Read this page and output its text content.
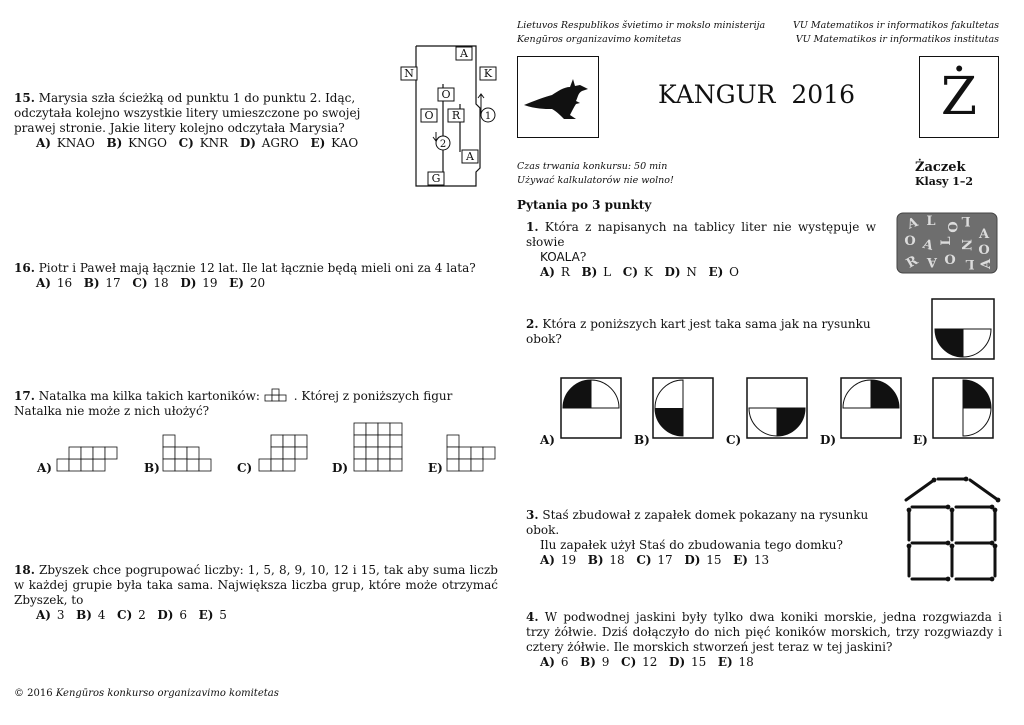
15. Marysia szła ścieżką od punktu 1 do punktu 2. Idąc, odczytała kolejno wszystkie litery umieszczone po swojej prawej stronie. Jakie litery kolejno odczytała Marysia?
A) KNAO B) KNGO C) KNR D) AGRO E) KAO
A
N	K
O
O R
A
G
1
2
16. Piotr i Paweł mają łącznie 12 lat. Ile lat łącznie będą mieli oni za 4 lata?
A) 16 B) 17 C) 18 D) 19 E) 20
17. Natalka ma kilka takich kartoników:	. Której z poniższych figur Natalka nie może z nich ułożyć?
A)	B)	C)	D)	E)
18. Zbyszek chce pogrupować liczby: 1, 5, 8, 9, 10, 12 i 15, tak aby suma liczb w każdej grupie była taka sama. Największa liczba grup, które może otrzymać Zbyszek, to
A) 3 B) 4 C) 2 D) 6 E) 5
© 2016 Kengūros konkurso organizavimo komitetas
Lietuvos Respublikos švietimo ir mokslo ministerija
Kengūros organizavimo komitetas
VU Matematikos ir informatikos fakultetas
VU Matematikos ir informatikos institutas
KANGUR  2016	Ż
Czas trwania konkursu: 50 min
Używać kalkulatorów nie wolno!
Żaczek
Klasy 1–2
Pytania po 3 punkty
1. Która z napisanych na tablicy liter nie występuje w słowie
KOALA?
A) R B) L C) K D) N E) O
A L O L
A
O A L N O
R A O L A
2. Która z poniższych kart jest taka sama jak na rysunku obok?
A)	B)	C)	D)	E)
3. Staś zbudował z zapałek domek pokazany na rysunku obok.
Ilu zapałek użył Staś do zbudowania tego domku?
A) 19 B) 18 C) 17 D) 15 E) 13
4. W podwodnej jaskini były tylko dwa koniki morskie, jedna rozgwiazda i trzy żółwie. Dziś dołączyło do nich pięć koników morskich, trzy rozgwiazdy i cztery żółwie. Ile morskich stworzeń jest teraz w tej jaskini?
A) 6 B) 9 C) 12 D) 15 E) 18
